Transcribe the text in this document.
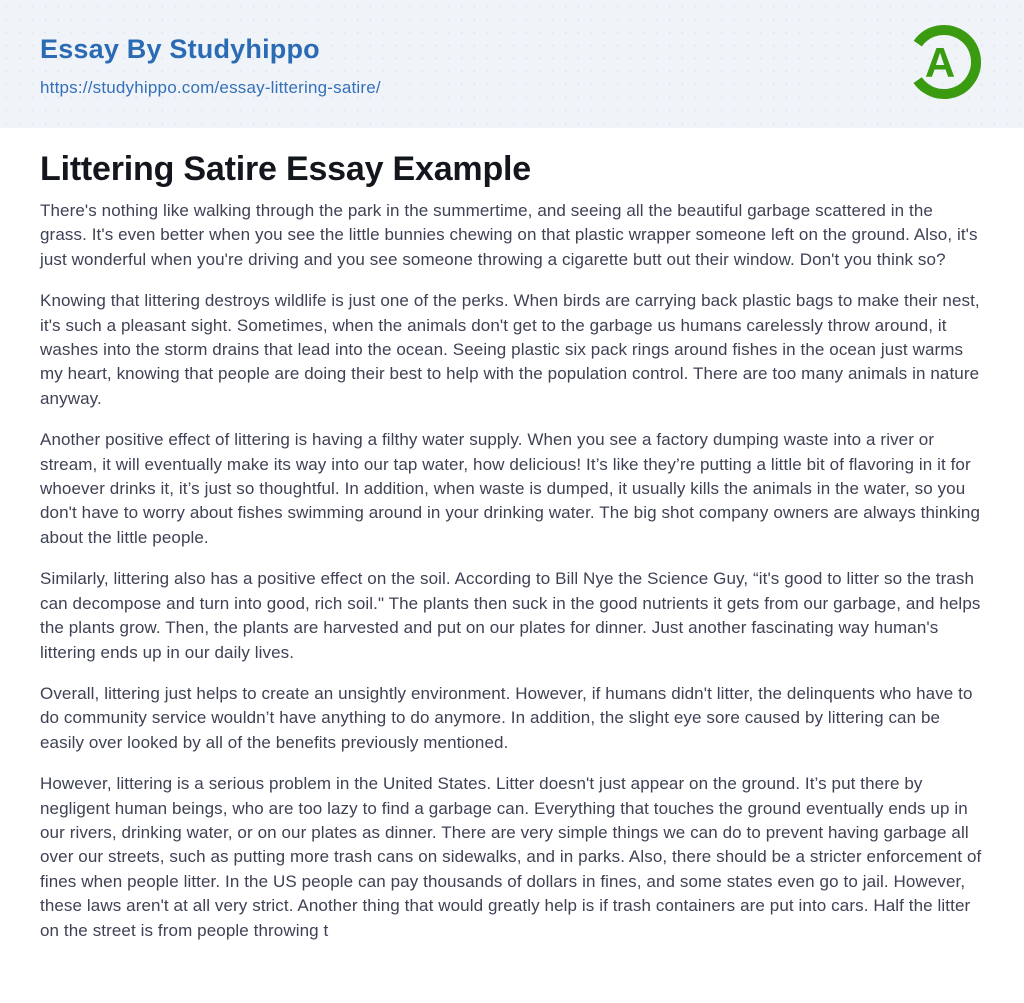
Essay By Studyhippo
https://studyhippo.com/essay-littering-satire/
A
Littering Satire Essay Example

There's nothing like walking through the park in the summertime, and seeing all the beautiful garbage scattered in the grass. It's even better when you see the little bunnies chewing on that plastic wrapper someone left on the ground. Also, it's just wonderful when you're driving and you see someone throwing a cigarette butt out their window. Don't you think so?

Knowing that littering destroys wildlife is just one of the perks. When birds are carrying back plastic bags to make their nest, it's such a pleasant sight. Sometimes, when the animals don't get to the garbage us humans carelessly throw around, it washes into the storm drains that lead into the ocean. Seeing plastic six pack rings around fishes in the ocean just warms my heart, knowing that people are doing their best to help with the population control. There are too many animals in nature anyway.

Another positive effect of littering is having a filthy water supply. When you see a factory dumping waste into a river or stream, it will eventually make its way into our tap water, how delicious! It’s like they’re putting a little bit of flavoring in it for whoever drinks it, it’s just so thoughtful. In addition, when waste is dumped, it usually kills the animals in the water, so you don't have to worry about fishes swimming around in your drinking water. The big shot company owners are always thinking about the little people.

Similarly, littering also has a positive effect on the soil. According to Bill Nye the Science Guy, “it's good to litter so the trash can decompose and turn into good, rich soil." The plants then suck in the good nutrients it gets from our garbage, and helps the plants grow. Then, the plants are harvested and put on our plates for dinner. Just another fascinating way human's littering ends up in our daily lives.

Overall, littering just helps to create an unsightly environment. However, if humans didn't litter, the delinquents who have to do community service wouldn’t have anything to do anymore. In addition, the slight eye sore caused by littering can be easily over looked by all of the benefits previously mentioned.

However, littering is a serious problem in the United States. Litter doesn't just appear on the ground. It’s put there by negligent human beings, who are too lazy to find a garbage can. Everything that touches the ground eventually ends up in our rivers, drinking water, or on our plates as dinner. There are very simple things we can do to prevent having garbage all over our streets, such as putting more trash cans on sidewalks, and in parks. Also, there should be a stricter enforcement of fines when people litter. In the US people can pay thousands of dollars in fines, and some states even go to jail. However, these laws aren't at all very strict. Another thing that would greatly help is if trash containers are put into cars. Half the litter on the street is from people throwing t
